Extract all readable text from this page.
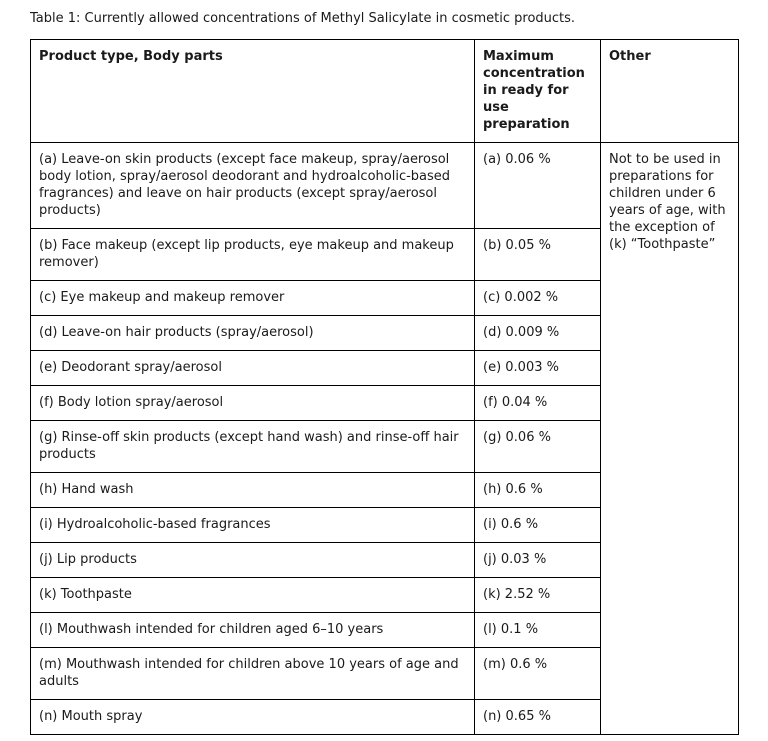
Table 1: Currently allowed concentrations of Methyl Salicylate in cosmetic products.
Product type, Body parts	Maximum concentration in ready for use preparation	Other
(a) Leave-on skin products (except face makeup, spray/aerosol body lotion, spray/aerosol deodorant and hydroalcoholic-based fragrances) and leave on hair products (except spray/aerosol products)	(a) 0.06 %	Not to be used in preparations for children under 6 years of age, with the exception of (k) “Toothpaste”
(b) Face makeup (except lip products, eye makeup and makeup remover)	(b) 0.05 %	
(c) Eye makeup and makeup remover	(c) 0.002 %	
(d) Leave-on hair products (spray/aerosol)	(d) 0.009 %	
(e) Deodorant spray/aerosol	(e) 0.003 %	
(f) Body lotion spray/aerosol	(f) 0.04 %	
(g) Rinse-off skin products (except hand wash) and rinse-off hair products	(g) 0.06 %	
(h) Hand wash	(h) 0.6 %	
(i) Hydroalcoholic-based fragrances	(i) 0.6 %	
(j) Lip products	(j) 0.03 %	
(k) Toothpaste	(k) 2.52 %	
(l) Mouthwash intended for children aged 6–10 years	(l) 0.1 %	
(m) Mouthwash intended for children above 10 years of age and adults	(m) 0.6 %	
(n) Mouth spray	(n) 0.65 %	
